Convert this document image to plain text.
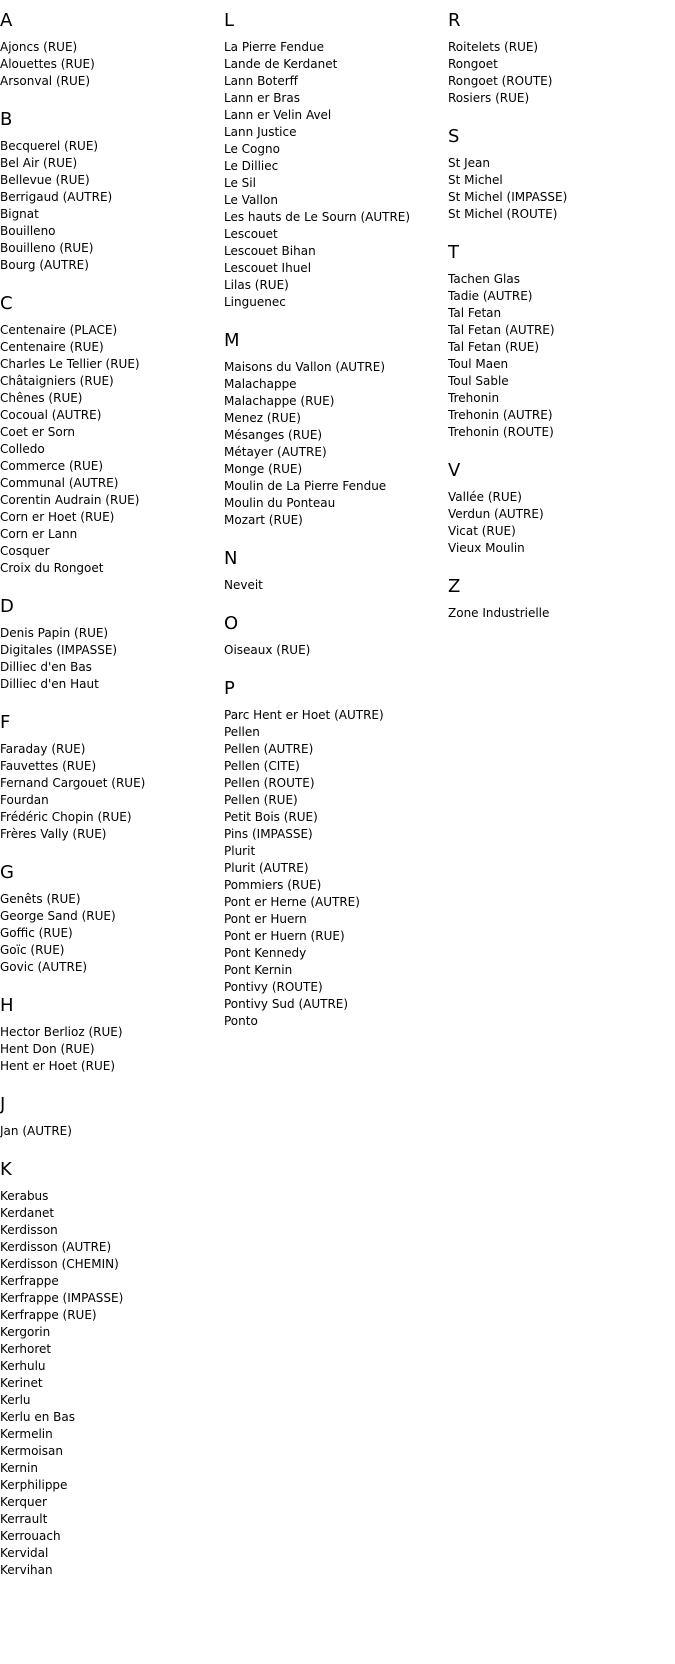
A
Ajoncs (RUE)
Alouettes (RUE)
Arsonval (RUE)
B
Becquerel (RUE)
Bel Air (RUE)
Bellevue (RUE)
Berrigaud (AUTRE)
Bignat
Bouilleno
Bouilleno (RUE)
Bourg (AUTRE)
C
Centenaire (PLACE)
Centenaire (RUE)
Charles Le Tellier (RUE)
Châtaigniers (RUE)
Chênes (RUE)
Cocoual (AUTRE)
Coet er Sorn
Colledo
Commerce (RUE)
Communal (AUTRE)
Corentin Audrain (RUE)
Corn er Hoet (RUE)
Corn er Lann
Cosquer
Croix du Rongoet
D
Denis Papin (RUE)
Digitales (IMPASSE)
Dilliec d'en Bas
Dilliec d'en Haut
F
Faraday (RUE)
Fauvettes (RUE)
Fernand Cargouet (RUE)
Fourdan
Frédéric Chopin (RUE)
Frères Vally (RUE)
G
Genêts (RUE)
George Sand (RUE)
Goffic (RUE)
Goïc (RUE)
Govic (AUTRE)
H
Hector Berlioz (RUE)
Hent Don (RUE)
Hent er Hoet (RUE)
J
Jan (AUTRE)
K
Kerabus
Kerdanet
Kerdisson
Kerdisson (AUTRE)
Kerdisson (CHEMIN)
Kerfrappe
Kerfrappe (IMPASSE)
Kerfrappe (RUE)
Kergorin
Kerhoret
Kerhulu
Kerinet
Kerlu
Kerlu en Bas
Kermelin
Kermoisan
Kernin
Kerphilippe
Kerquer
Kerrault
Kerrouach
Kervidal
Kervihan
L
La Pierre Fendue
Lande de Kerdanet
Lann Boterff
Lann er Bras
Lann er Velin Avel
Lann Justice
Le Cogno
Le Dilliec
Le Sil
Le Vallon
Les hauts de Le Sourn (AUTRE)
Lescouet
Lescouet Bihan
Lescouet Ihuel
Lilas (RUE)
Linguenec
M
Maisons du Vallon (AUTRE)
Malachappe
Malachappe (RUE)
Menez (RUE)
Mésanges (RUE)
Métayer (AUTRE)
Monge (RUE)
Moulin de La Pierre Fendue
Moulin du Ponteau
Mozart (RUE)
N
Neveit
O
Oiseaux (RUE)
P
Parc Hent er Hoet (AUTRE)
Pellen
Pellen (AUTRE)
Pellen (CITE)
Pellen (ROUTE)
Pellen (RUE)
Petit Bois (RUE)
Pins (IMPASSE)
Plurit
Plurit (AUTRE)
Pommiers (RUE)
Pont er Herne (AUTRE)
Pont er Huern
Pont er Huern (RUE)
Pont Kennedy
Pont Kernin
Pontivy (ROUTE)
Pontivy Sud (AUTRE)
Ponto
R
Roitelets (RUE)
Rongoet
Rongoet (ROUTE)
Rosiers (RUE)
S
St Jean
St Michel
St Michel (IMPASSE)
St Michel (ROUTE)
T
Tachen Glas
Tadie (AUTRE)
Tal Fetan
Tal Fetan (AUTRE)
Tal Fetan (RUE)
Toul Maen
Toul Sable
Trehonin
Trehonin (AUTRE)
Trehonin (ROUTE)
V
Vallée (RUE)
Verdun (AUTRE)
Vicat (RUE)
Vieux Moulin
Z
Zone Industrielle
